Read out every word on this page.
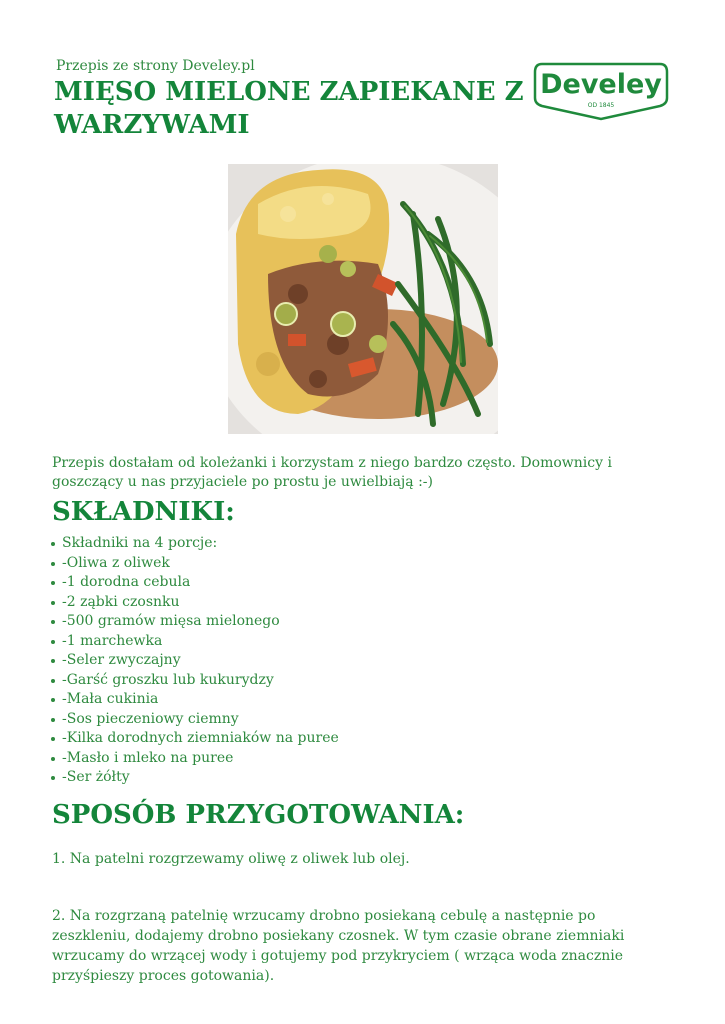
Przepis ze strony Develey.pl
MIĘSO MIELONE ZAPIEKANE Z WARZYWAMI
Develey
OD 1845

Przepis dostałam od koleżanki i korzystam z niego bardzo często. Domownicy i goszczący u nas przyjaciele po prostu je uwielbiają :-)

SKŁADNIKI:
Składniki na 4 porcje:
-Oliwa z oliwek
-1 dorodna cebula
-2 ząbki czosnku
-500 gramów mięsa mielonego
-1 marchewka
-Seler zwyczajny
-Garść groszku lub kukurydzy
-Mała cukinia
-Sos pieczeniowy ciemny
-Kilka dorodnych ziemniaków na puree
-Masło i mleko na puree
-Ser żółty
SPOSÓB PRZYGOTOWANIA:

1. Na patelni rozgrzewamy oliwę z oliwek lub olej.

2. Na rozgrzaną patelnię wrzucamy drobno posiekaną cebulę a następnie po zeszkleniu, dodajemy drobno posiekany czosnek. W tym czasie obrane ziemniaki wrzucamy do wrzącej wody i gotujemy pod przykryciem ( wrząca woda znacznie przyśpieszy proces gotowania).
